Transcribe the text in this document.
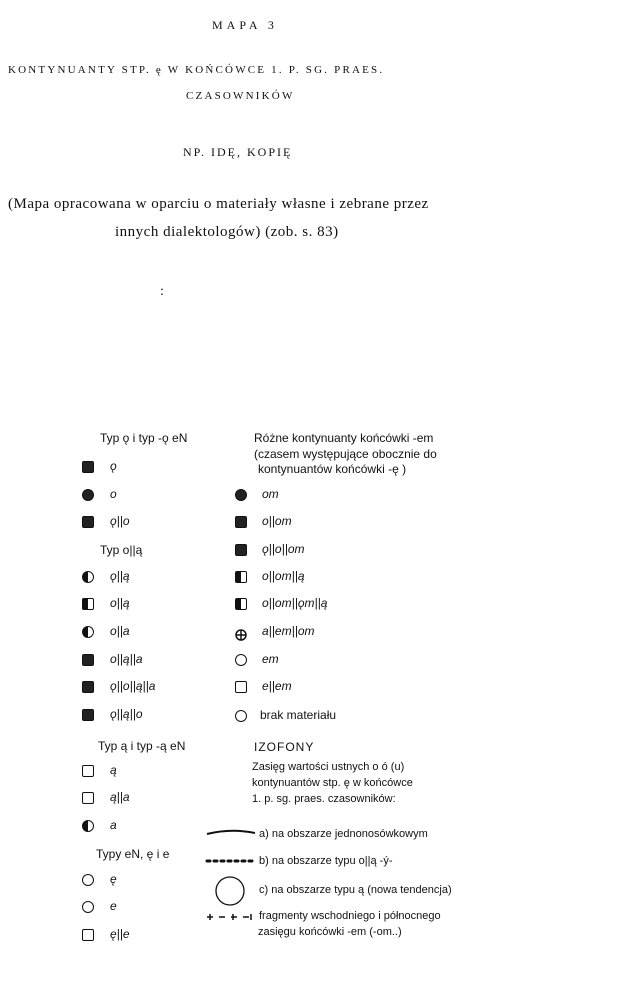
MAPA 3
KONTYNUANTY STP. ę W KOŃCÓWCE 1. P. SG. PRAES.
CZASOWNIKÓW
NP. IDĘ, KOPIĘ
(Mapa opracowana w oparciu o materiały własne i zebrane przez
innych dialektologów) (zob. s. 83)
:
Typ ǫ i typ -ǫ eN
ǫ
o
ǫ||o
Typ o||ą
ǫ||ą
o||ą
o||a
o||ą||a
ǫ||o||ą||a
ǫ||ą||o
Typ ą i typ -ą eN
ą
ą||a
a
Typy eN, ę i e
ę
e
ę||e
Różne kontynuanty końcówki -em
(czasem występujące obocznie do
kontynuantów końcówki -ę )
om
o||om
ǫ||o||om
o||om||ą
o||om||ǫm||ą
a||em||om
em
e||em
brak materiału
IZOFONY
Zasięg wartości ustnych o ó (u)
kontynuantów stp. ę w końcówce
1. p. sg. praes. czasowników:
a) na obszarze jednonosówkowym
b) na obszarze typu o||ą -ý-
c) na obszarze typu ą (nowa tendencja)
fragmenty wschodniego i północnego
zasięgu końcówki -em (-om..)
